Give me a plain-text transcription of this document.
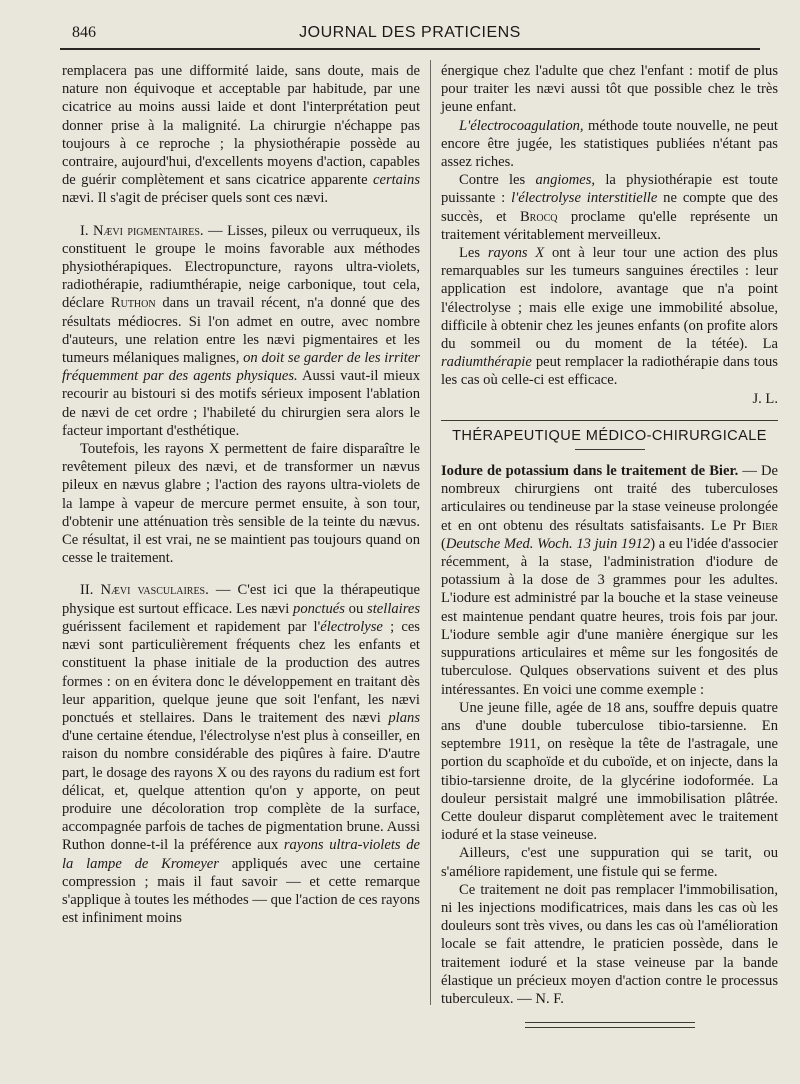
846	JOURNAL DES PRATICIENS

remplacera pas une difformité laide, sans doute, mais de nature non équivoque et acceptable par habitude, par une cicatrice au moins aussi laide et dont l'interprétation peut donner prise à la malignité. La chirurgie n'échappe pas toujours à ce reproche ; la physiothérapie possède au contraire, aujourd'hui, d'excellents moyens d'action, capables de guérir complètement et sans cicatrice apparente certains nævi. Il s'agit de préciser quels sont ces nævi.

I. Nævi pigmentaires. — Lisses, pileux ou verruqueux, ils constituent le groupe le moins favorable aux méthodes physiothérapiques. Electropuncture, rayons ultra-violets, radiothérapie, radiumthérapie, neige carbonique, tout cela, déclare Ruthon dans un travail récent, n'a donné que des résultats médiocres. Si l'on admet en outre, avec nombre d'auteurs, une relation entre les nævi pigmentaires et les tumeurs mélaniques malignes, on doit se garder de les irriter fréquemment par des agents physiques. Aussi vaut-il mieux recourir au bistouri si des motifs sérieux imposent l'ablation de nævi de cet ordre ; l'habileté du chirurgien sera alors le facteur important d'esthétique.

Toutefois, les rayons X permettent de faire disparaître le revêtement pileux des nævi, et de transformer un nævus pileux en nævus glabre ; l'action des rayons ultra-violets de la lampe à vapeur de mercure permet ensuite, à son tour, d'obtenir une atténuation très sensible de la teinte du nævus. Ce résultat, il est vrai, ne se maintient pas toujours quand on cesse le traitement.

II. Nævi vasculaires. — C'est ici que la thérapeutique physique est surtout efficace. Les nævi ponctués ou stellaires guérissent facilement et rapidement par l'électrolyse ; ces nævi sont particulièrement fréquents chez les enfants et constituent la phase initiale de la production des autres formes : on en évitera donc le développement en traitant dès leur apparition, quelque jeune que soit l'enfant, les nævi ponctués et stellaires. Dans le traitement des nævi plans d'une certaine étendue, l'électrolyse n'est plus à conseiller, en raison du nombre considérable des piqûres à faire. D'autre part, le dosage des rayons X ou des rayons du radium est fort délicat, et, quelque attention qu'on y apporte, on peut produire une décoloration trop complète de la surface, accompagnée parfois de taches de pigmentation brune. Aussi Ruthon donne-t-il la préférence aux rayons ultra-violets de la lampe de Kromeyer appliqués avec une certaine compression ; mais il faut savoir — et cette remarque s'applique à toutes les méthodes — que l'action de ces rayons est infiniment moins

énergique chez l'adulte que chez l'enfant : motif de plus pour traiter les nævi aussi tôt que possible chez le très jeune enfant.

L'électrocoagulation, méthode toute nouvelle, ne peut encore être jugée, les statistiques publiées n'étant pas assez riches.

Contre les angiomes, la physiothérapie est toute puissante : l'électrolyse interstitielle ne compte que des succès, et Brocq proclame qu'elle représente un traitement véritablement merveilleux.

Les rayons X ont à leur tour une action des plus remarquables sur les tumeurs sanguines érectiles : leur application est indolore, avantage que n'a point l'électrolyse ; mais elle exige une immobilité absolue, difficile à obtenir chez les jeunes enfants (on profite alors du sommeil ou du moment de la tétée). La radiumthérapie peut remplacer la radiothérapie dans tous les cas où celle-ci est efficace.

J. L.

THÉRAPEUTIQUE MÉDICO-CHIRURGICALE

Iodure de potassium dans le traitement de Bier. — De nombreux chirurgiens ont traité des tuberculoses articulaires ou tendineuse par la stase veineuse prolongée et en ont obtenu des résultats satisfaisants. Le Pr Bier (Deutsche Med. Woch. 13 juin 1912) a eu l'idée d'associer récemment, à la stase, l'administration d'iodure de potassium à la dose de 3 grammes pour les adultes. L'iodure est administré par la bouche et la stase veineuse est maintenue pendant quatre heures, trois fois par jour. L'iodure semble agir d'une manière énergique sur les suppurations articulaires et même sur les fongosités de tuberculose. Qulques observations suivent et des plus intéressantes. En voici une comme exemple :

Une jeune fille, agée de 18 ans, souffre depuis quatre ans d'une double tuberculose tibio-tarsienne. En septembre 1911, on resèque la tête de l'astragale, une portion du scaphoïde et du cuboïde, et on injecte, dans la tibio-tarsienne droite, de la glycérine iodoformée. La douleur persistait malgré une immobilisation plâtrée. Cette douleur disparut complètement avec le traitement ioduré et la stase veineuse.

Ailleurs, c'est une suppuration qui se tarit, ou s'améliore rapidement, une fistule qui se ferme.

Ce traitement ne doit pas remplacer l'immobilisation, ni les injections modificatrices, mais dans les cas où les douleurs sont très vives, ou dans les cas où l'amélioration locale se fait attendre, le praticien possède, dans le traitement ioduré et la stase veineuse par la bande élastique un précieux moyen d'action contre le processus tuberculeux. — N. F.
